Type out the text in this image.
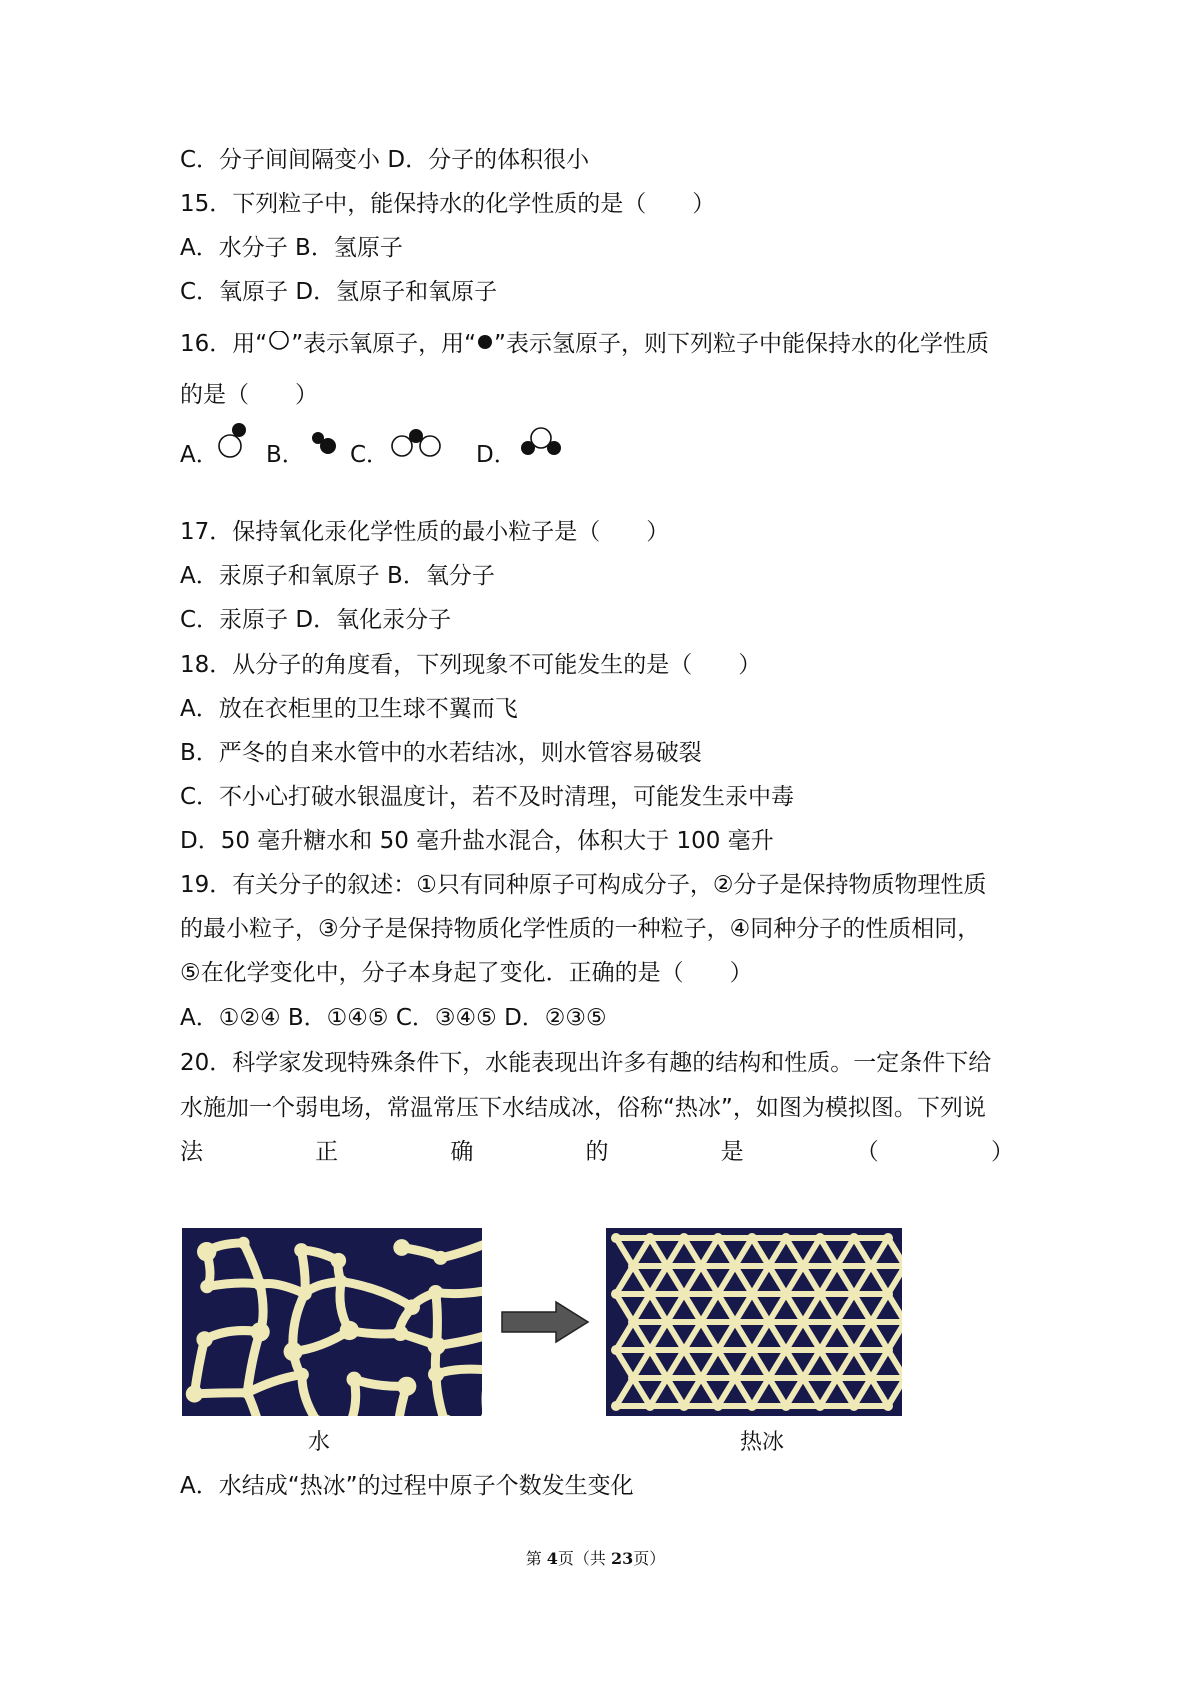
C．分子间间隔变小 D．分子的体积很小
15．下列粒子中，能保持水的化学性质的是（　　）
A．水分子 B．氢原子
C．氧原子 D．氢原子和氧原子
16．用“ ”表示氧原子，用“ ”表示氢原子，则下列粒子中能保持水的化学性质
的是（　　）
A． B． C．	D．
17．保持氧化汞化学性质的最小粒子是（　　）
A．汞原子和氧原子 B．氧分子
C．汞原子 D．氧化汞分子
18．从分子的角度看，下列现象不可能发生的是（　　）
A．放在衣柜里的卫生球不翼而飞
B．严冬的自来水管中的水若结冰，则水管容易破裂
C．不小心打破水银温度计，若不及时清理，可能发生汞中毒
D．50 毫升糖水和 50 毫升盐水混合，体积大于 100 毫升
19．有关分子的叙述：①只有同种原子可构成分子，②分子是保持物质物理性质
的最小粒子，③分子是保持物质化学性质的一种粒子，④同种分子的性质相同，
⑤在化学变化中，分子本身起了变化．正确的是（　　）
A．①②④ B．①④⑤ C．③④⑤ D．②③⑤
20．科学家发现特殊条件下，水能表现出许多有趣的结构和性质。一定条件下给
水施加一个弱电场，常温常压下水结成冰，俗称“热冰”，如图为模拟图。下列说
法	正	确	的	是	（	）
水	热冰
A．水结成“热冰”的过程中原子个数发生变化
第 4页（共 23页）
